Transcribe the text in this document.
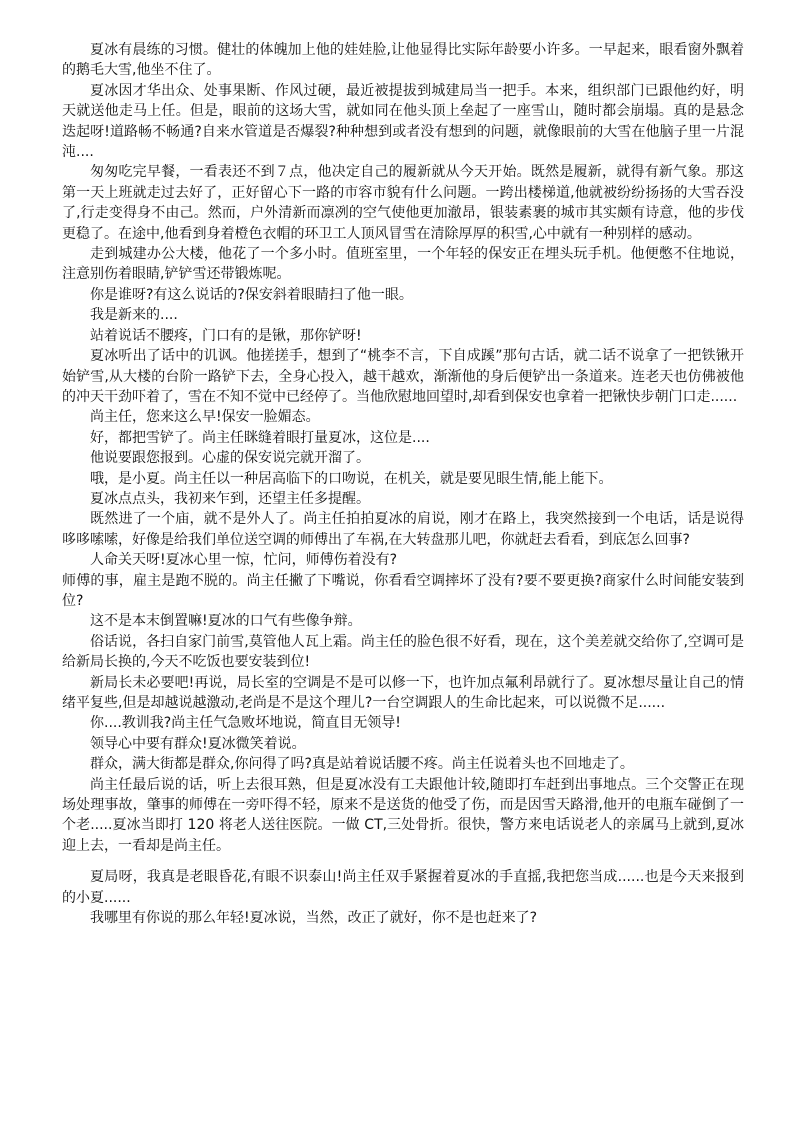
夏冰有晨练的习惯。健壮的体魄加上他的娃娃脸,让他显得比实际年龄要小许多。一早起来，眼看窗外飘着的鹅毛大雪,他坐不住了。

夏冰因才华出众、处事果断、作风过硬，最近被提拔到城建局当一把手。本来，组织部门已跟他约好，明天就送他走马上任。但是，眼前的这场大雪，就如同在他头顶上垒起了一座雪山，随时都会崩塌。真的是悬念迭起呀!道路畅不畅通?自来水管道是否爆裂?种种想到或者没有想到的问题，就像眼前的大雪在他脑子里一片混沌....

匆匆吃完早餐，一看表还不到７点，他决定自己的履新就从今天开始。既然是履新，就得有新气象。那这第一天上班就走过去好了，正好留心下一路的市容市貌有什么问题。一跨出楼梯道,他就被纷纷扬扬的大雪吞没了,行走变得身不由己。然而，户外清新而凛冽的空气使他更加澈昂，银装素裹的城市其实颇有诗意，他的步伐更稳了。在途中,他看到身着橙色衣帽的环卫工人顶风冒雪在清除厚厚的积雪,心中就有一种别样的感动。

走到城建办公大楼，他花了一个多小时。值班室里，一个年轻的保安正在埋头玩手机。他便憋不住地说，注意别伤着眼睛,铲铲雪还带锻炼呢。

你是谁呀?有这么说话的?保安斜着眼睛扫了他一眼。

我是新来的....

站着说话不腰疼，门口有的是锹，那你铲呀!

夏冰听出了话中的讥讽。他搓搓手，想到了“桃李不言，下自成蹊”那句古话，就二话不说拿了一把铁锹开始铲雪,从大楼的台阶一路铲下去，全身心投入，越干越欢，渐渐他的身后便铲出一条道来。连老天也仿佛被他的冲天干劲吓着了，雪在不知不觉中已经停了。当他欣慰地回望时,却看到保安也拿着一把锹快步朝门口走......

尚主任，您来这么早!保安一脸媚态。

好，都把雪铲了。尚主任眯缝着眼打量夏冰，这位是....

他说要跟您报到。心虚的保安说完就开溜了。

哦，是小夏。尚主任以一种居高临下的口吻说，在机关，就是要见眼生情,能上能下。

夏冰点点头，我初来乍到，还望主任多提醒。

既然进了一个庙，就不是外人了。尚主任拍拍夏冰的肩说，刚才在路上，我突然接到一个电话，话是说得哆哆嗦嗦，好像是给我们单位送空调的师傅出了车祸,在大转盘那儿吧，你就赶去看看，到底怎么回事?

人命关天呀!夏冰心里一惊，忙问，师傅伤着没有?

师傅的事，雇主是跑不脱的。尚主任撇了下嘴说，你看看空调摔坏了没有?要不要更换?商家什么时间能安装到位?

这不是本末倒置嘛!夏冰的口气有些像争辩。

俗话说，各扫自家门前雪,莫管他人瓦上霜。尚主任的脸色很不好看，现在，这个美差就交给你了,空调可是给新局长换的,今天不吃饭也要安装到位!

新局长未必要吧!再说，局长室的空调是不是可以修一下，也许加点氟利昂就行了。夏冰想尽量让自己的情绪平复些,但是却越说越激动,老尚是不是这个理儿?一台空调跟人的生命比起来，可以说微不足......

你....教训我?尚主任气急败坏地说，简直目无领导!

领导心中要有群众!夏冰微笑着说。

群众，满大街都是群众,你问得了吗?真是站着说话腰不疼。尚主任说着头也不回地走了。

尚主任最后说的话，听上去很耳熟，但是夏冰没有工夫跟他计较,随即打车赶到出事地点。三个交警正在现场处理事故，肇事的师傅在一旁吓得不轻，原来不是送货的他受了伤，而是因雪天路滑,他开的电瓶车碰倒了一个老.....夏冰当即打 120 将老人送往医院。一做 CT,三处骨折。很快，警方来电话说老人的亲属马上就到,夏冰迎上去，一看却是尚主任。

夏局呀，我真是老眼昏花,有眼不识泰山!尚主任双手紧握着夏冰的手直摇,我把您当成......也是今天来报到的小夏......

我哪里有你说的那么年轻!夏冰说，当然，改正了就好，你不是也赶来了?
